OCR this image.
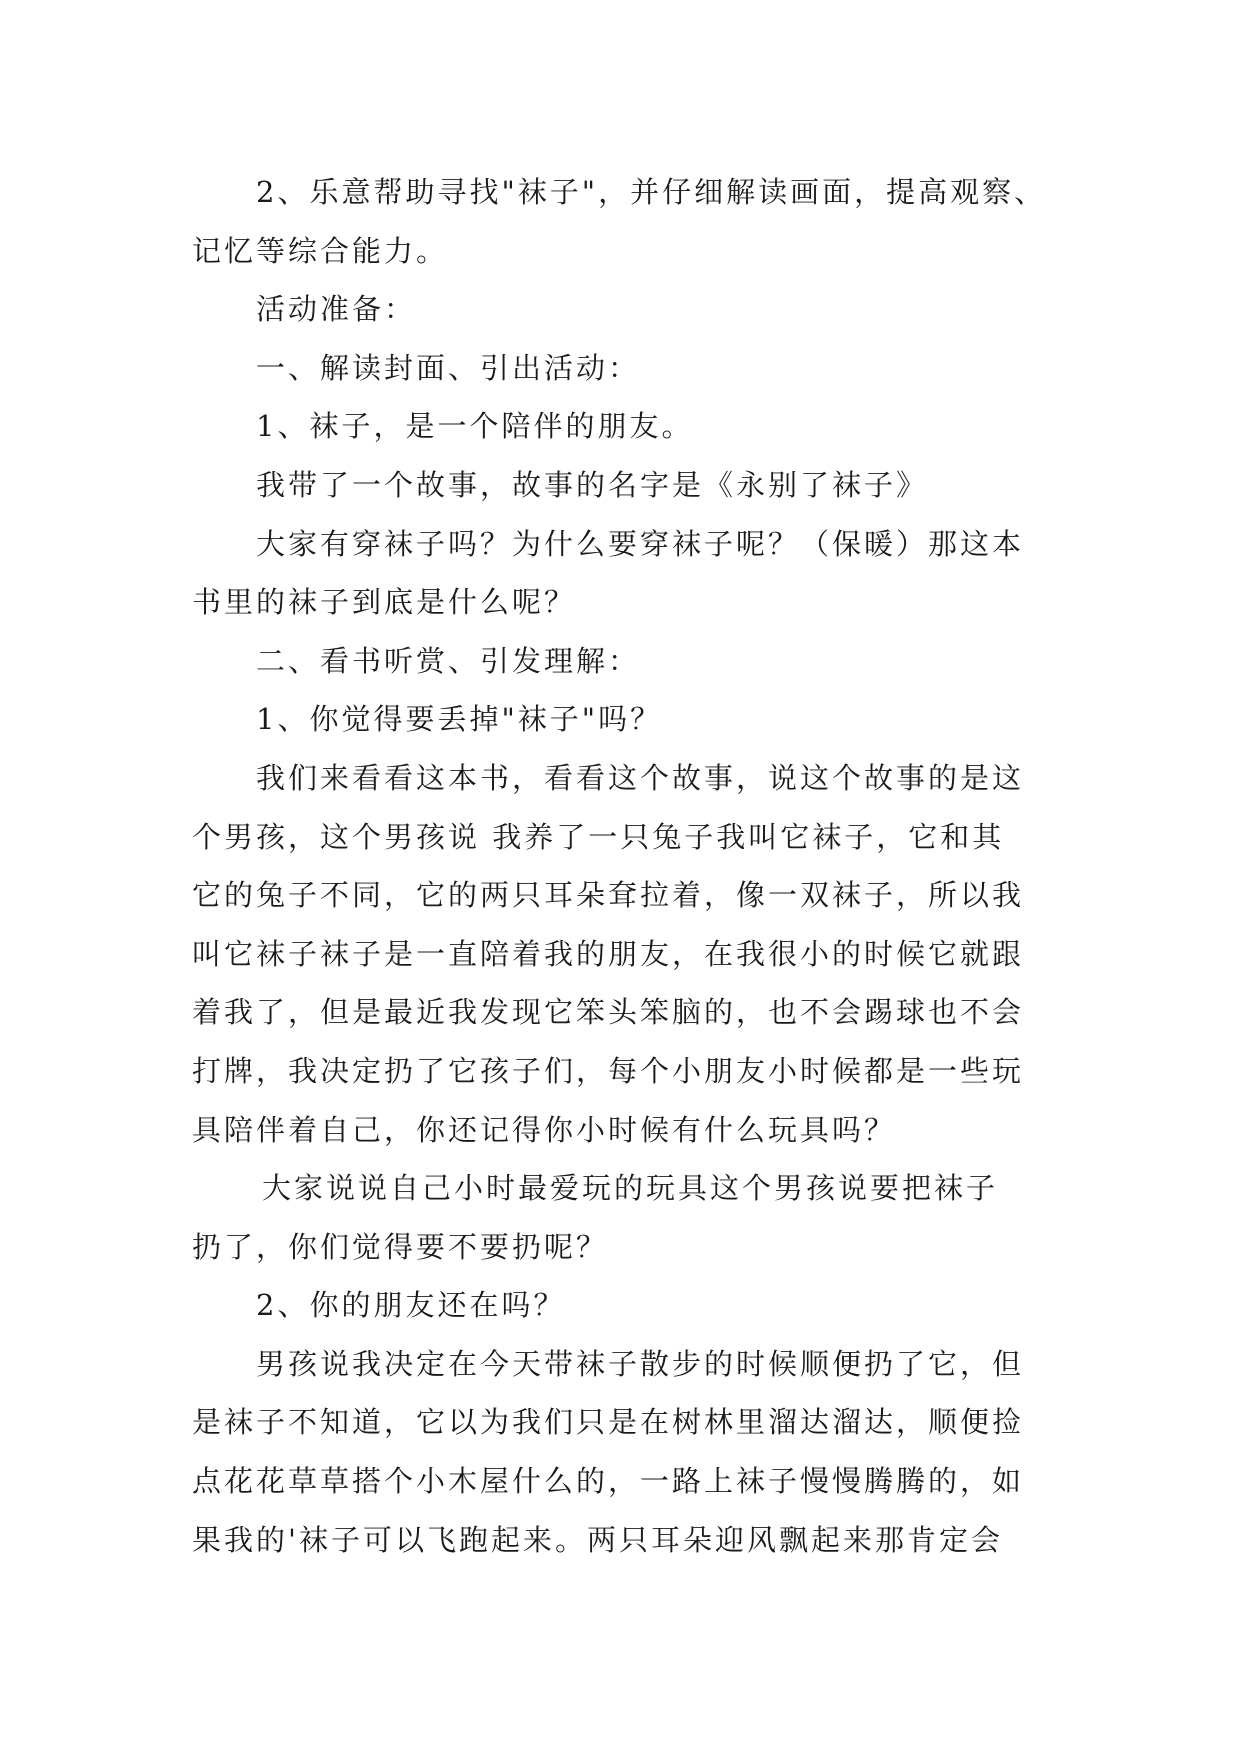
2、乐意帮助寻找"袜子"，并仔细解读画面，提高观察、
记忆等综合能力。

活动准备：

一、解读封面、引出活动：

1、袜子，是一个陪伴的朋友。

我带了一个故事，故事的名字是《永别了袜子》

大家有穿袜子吗？为什么要穿袜子呢？（保暖）那这本
书里的袜子到底是什么呢？

二、看书听赏、引发理解：

1、你觉得要丢掉"袜子"吗？

我们来看看这本书，看看这个故事，说这个故事的是这
个男孩，这个男孩说 我养了一只兔子我叫它袜子，它和其
它的兔子不同，它的两只耳朵耷拉着，像一双袜子，所以我
叫它袜子袜子是一直陪着我的朋友，在我很小的时候它就跟
着我了，但是最近我发现它笨头笨脑的，也不会踢球也不会
打牌，我决定扔了它孩子们，每个小朋友小时候都是一些玩
具陪伴着自己，你还记得你小时候有什么玩具吗？

大家说说自己小时最爱玩的玩具这个男孩说要把袜子
扔了，你们觉得要不要扔呢？

2、你的朋友还在吗？

男孩说我决定在今天带袜子散步的时候顺便扔了它，但
是袜子不知道，它以为我们只是在树林里溜达溜达，顺便捡
点花花草草搭个小木屋什么的，一路上袜子慢慢腾腾的，如
果我的'袜子可以飞跑起来。两只耳朵迎风飘起来那肯定会
